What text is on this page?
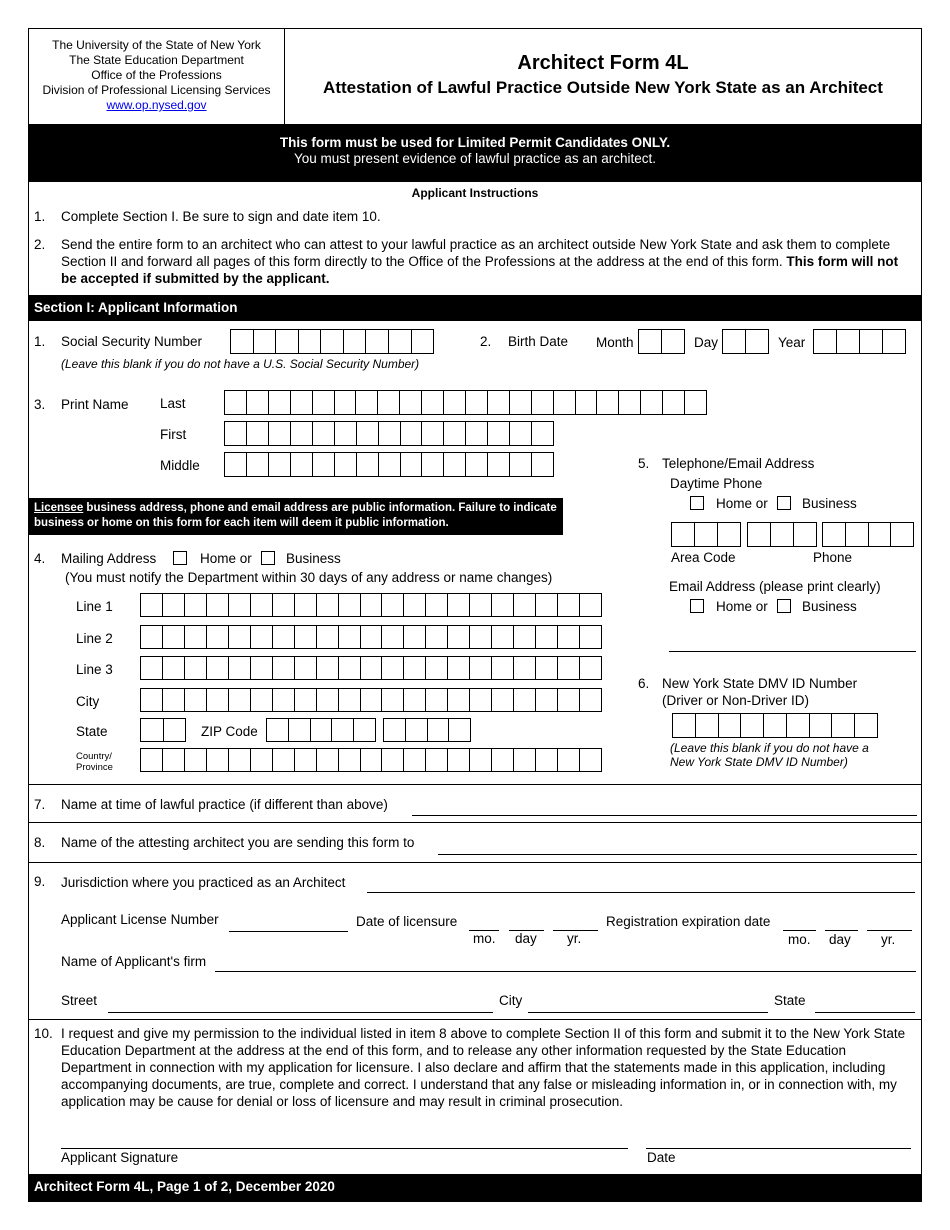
The University of the State of New York
The State Education Department
Office of the Professions
Division of Professional Licensing Services
www.op.nysed.gov
Architect Form 4L
Attestation of Lawful Practice Outside New York State as an Architect
This form must be used for Limited Permit Candidates ONLY.
You must present evidence of lawful practice as an architect.
Applicant Instructions
1. Complete Section I. Be sure to sign and date item 10.
2. Send the entire form to an architect who can attest to your lawful practice as an architect outside New York State and ask them to complete Section II and forward all pages of this form directly to the Office of the Professions at the address at the end of this form. This form will not be accepted if submitted by the applicant.
Section I: Applicant Information
1. Social Security Number
(Leave this blank if you do not have a U.S. Social Security Number)
2. Birth Date Month	Day	Year
3. Print Name Last
First
Middle
Licensee business address, phone and email address are public information. Failure to indicate business or home on this form for each item will deem it public information.
4. Mailing Address	Home or	Business
(You must notify the Department within 30 days of any address or name changes)
Line 1
Line 2
Line 3
City
State
Country/
Province
ZIP Code
5. Telephone/Email Address
Daytime Phone
Home or	Business
Area Code	Phone
Email Address (please print clearly)
Home or	Business
6. New York State DMV ID Number
(Driver or Non-Driver ID)
(Leave this blank if you do not have a
New York State DMV ID Number)
7. Name at time of lawful practice (if different than above)
8. Name of the attesting architect you are sending this form to
9. Jurisdiction where you practiced as an Architect
Applicant License Number	Date of licensure
mo. day yr.
Registration expiration date
mo. day yr.
Name of Applicant's firm
Street	City	State
10. I request and give my permission to the individual listed in item 8 above to complete Section II of this form and submit it to the New York State Education Department at the address at the end of this form, and to release any other information requested by the State Education Department in connection with my application for licensure. I also declare and affirm that the statements made in this application, including accompanying documents, are true, complete and correct. I understand that any false or misleading information in, or in connection with, my application may be cause for denial or loss of licensure and may result in criminal prosecution.
Applicant Signature	Date
Architect Form 4L, Page 1 of 2, December 2020
